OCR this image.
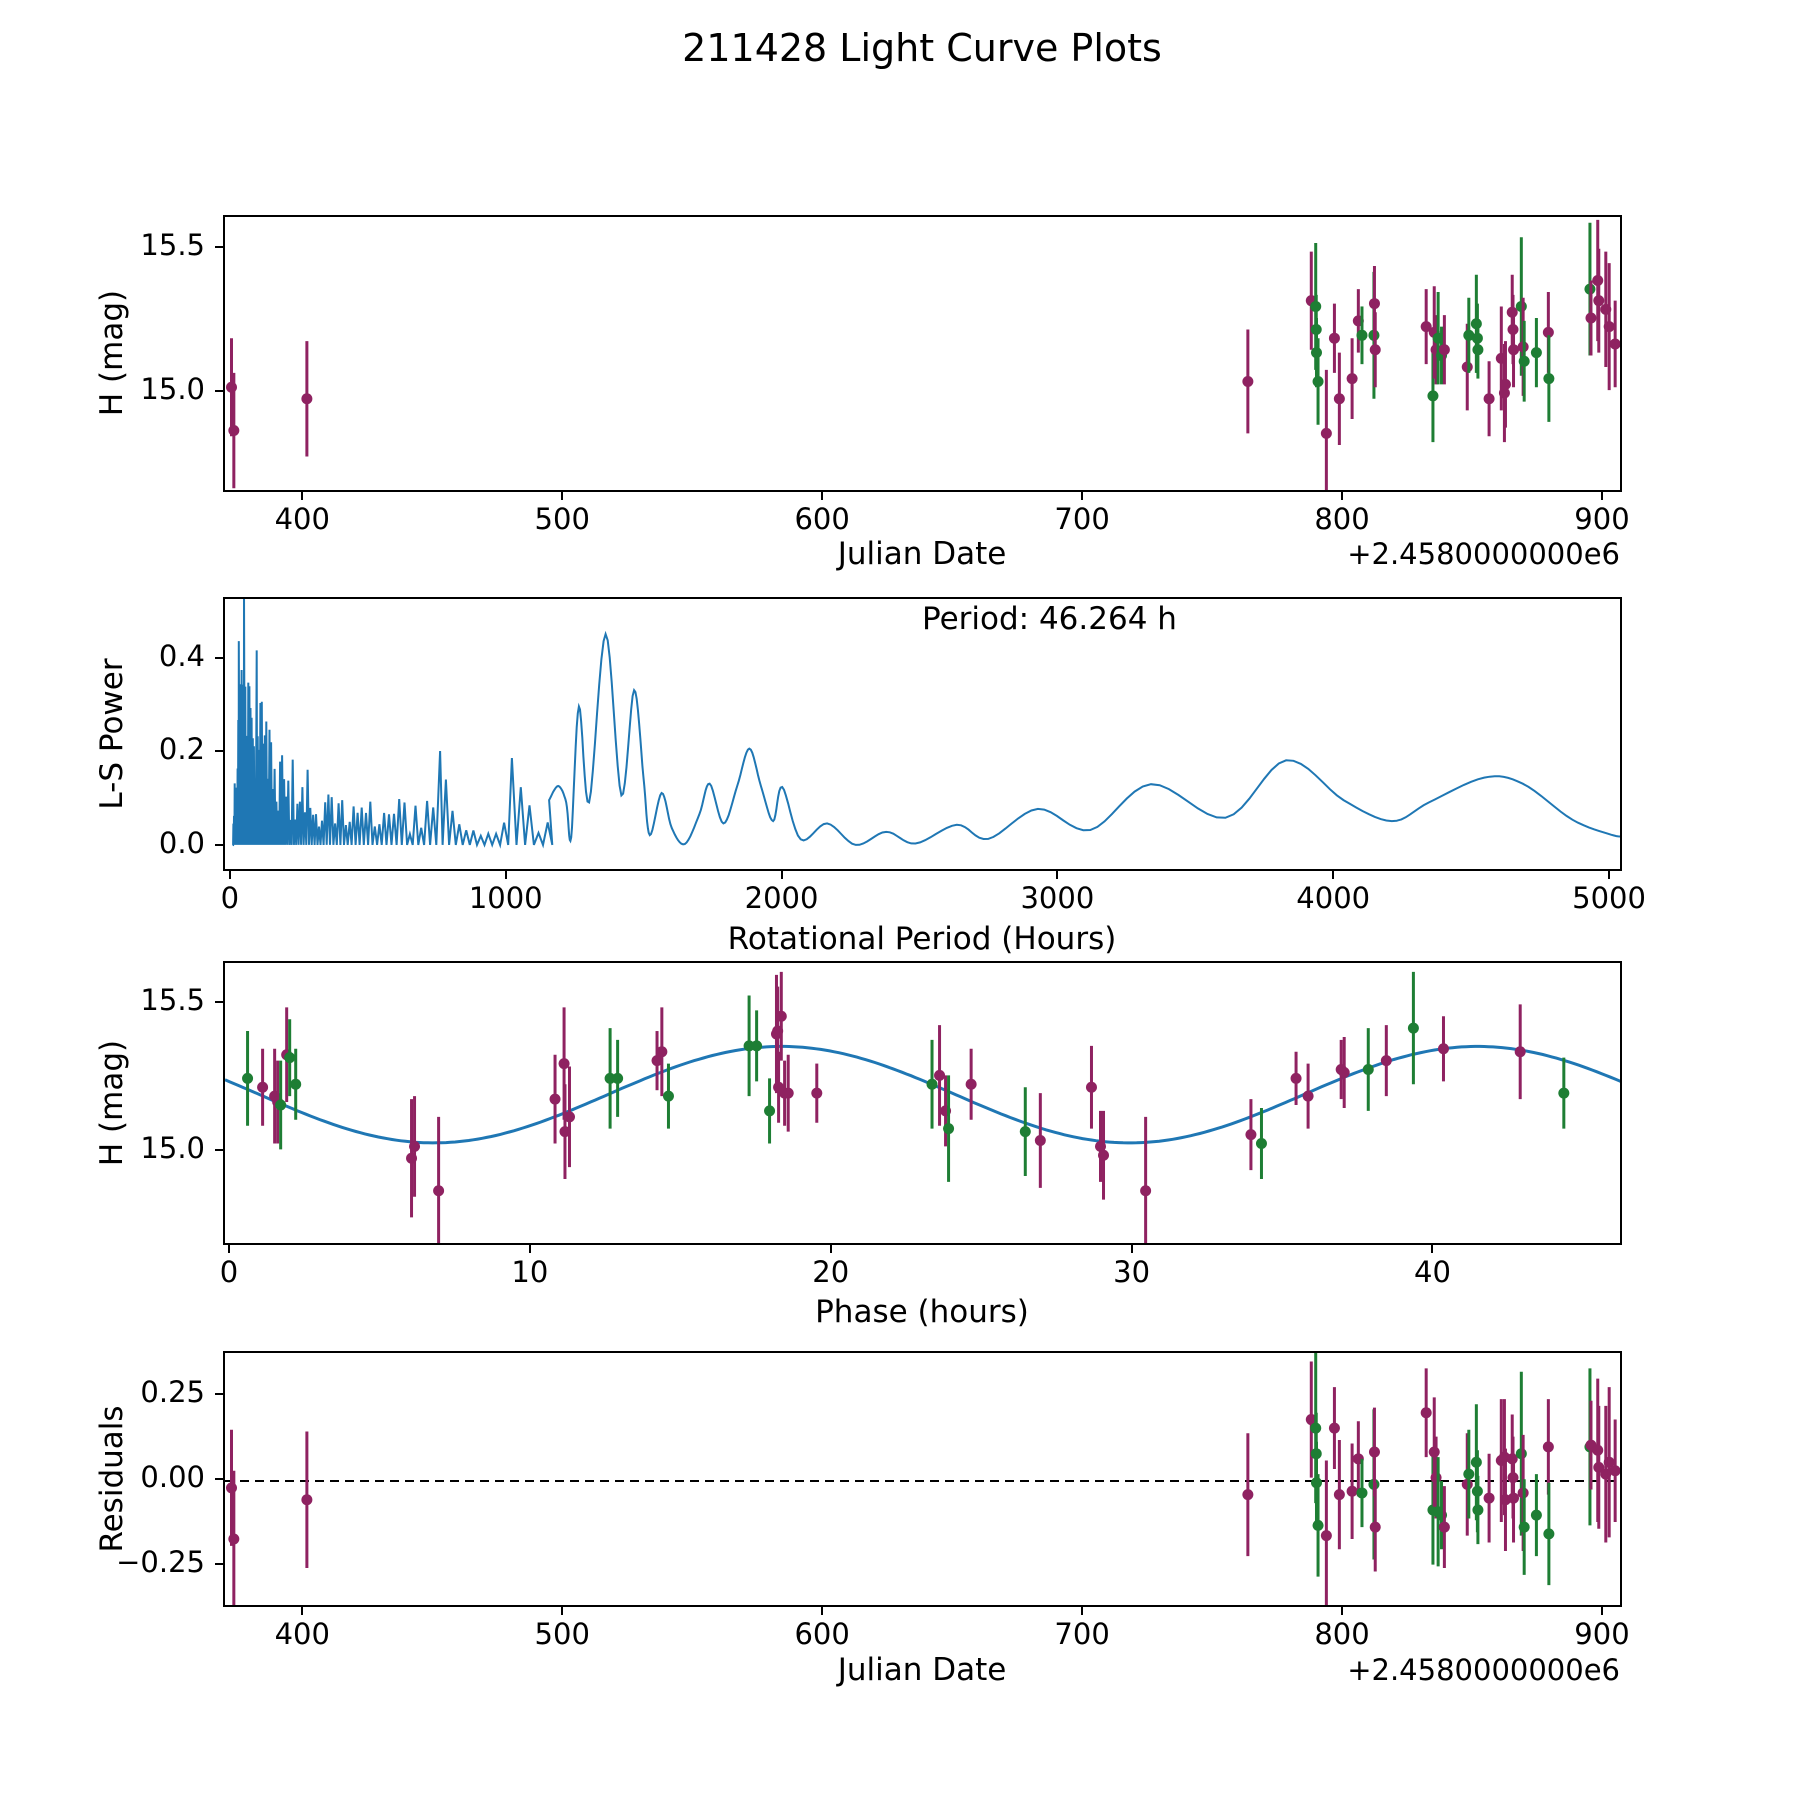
211428 Light Curve Plots
H (mag)
Julian Date	+2.4580000000e6
L-S Power
Period: 46.264 h
Rotational Period (Hours)
H (mag)
Phase (hours)
Residuals
Julian Date	+2.4580000000e6
400	500	600	700	800	900
15.0
15.5
0	1000	2000	3000	4000	5000
0.0
0.2
0.4
0	10	20	30	40
15.0
15.5
400	500	600	700	800	900
−0.25
0.00
0.25
